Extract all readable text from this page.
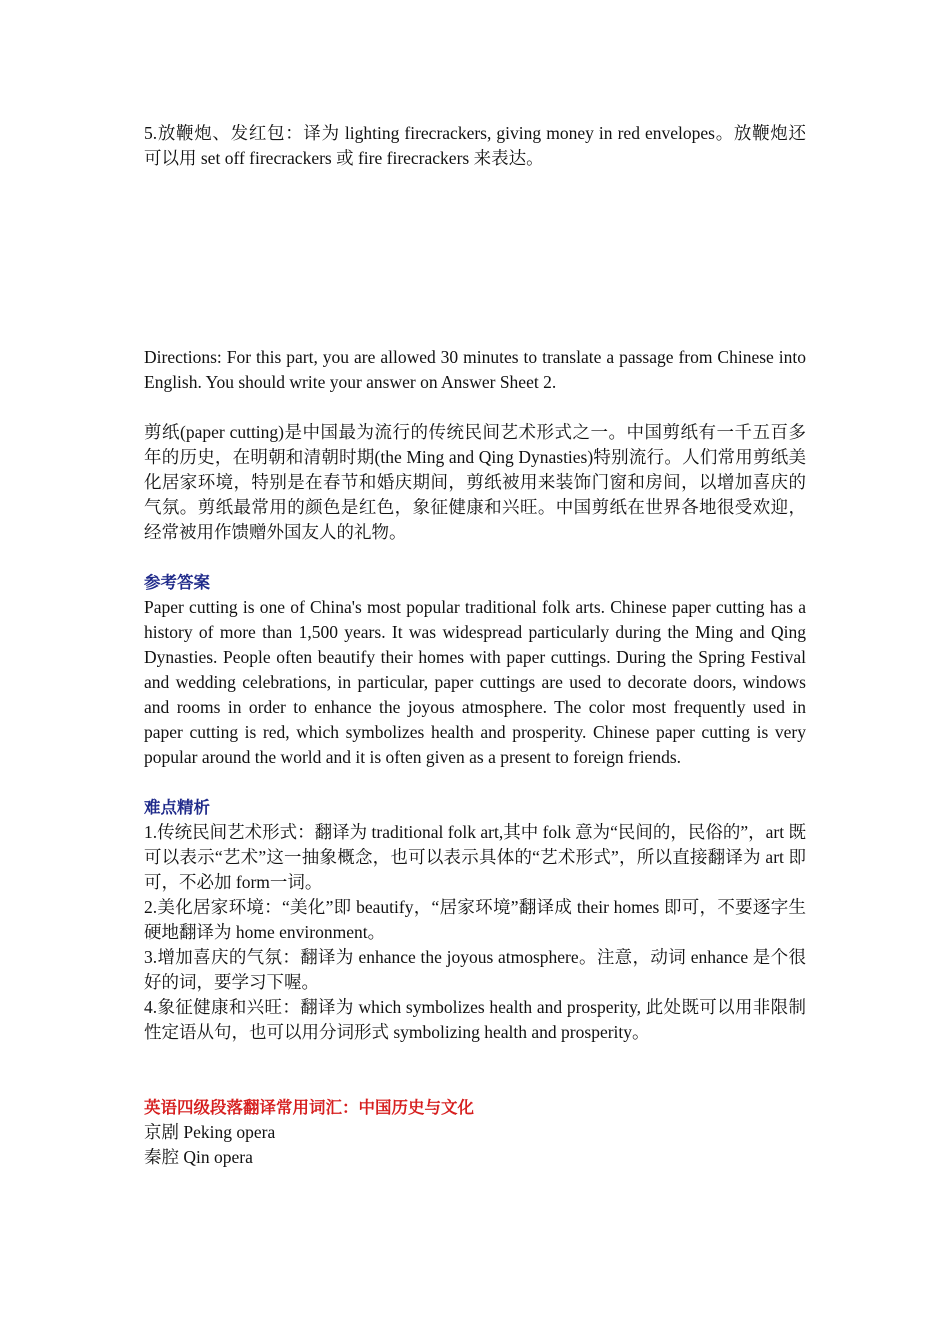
5.放鞭炮、发红包：译为 lighting firecrackers, giving money in red envelopes。放鞭炮还可以用 set off firecrackers 或 fire firecrackers 来表达。

Directions: For this part, you are allowed 30 minutes to translate a passage from Chinese into English. You should write your answer on Answer Sheet 2.

剪纸(paper cutting)是中国最为流行的传统民间艺术形式之一。中国剪纸有一千五百多年的历史，在明朝和清朝时期(the Ming and Qing Dynasties)特别流行。人们常用剪纸美化居家环境，特别是在春节和婚庆期间，剪纸被用来装饰门窗和房间，以增加喜庆的气氛。剪纸最常用的颜色是红色，象征健康和兴旺。中国剪纸在世界各地很受欢迎，经常被用作馈赠外国友人的礼物。

参考答案

Paper cutting is one of China's most popular traditional folk arts. Chinese paper cutting has a history of more than 1,500 years. It was widespread particularly during the Ming and Qing Dynasties. People often beautify their homes with paper cuttings. During the Spring Festival and wedding celebrations, in particular, paper cuttings are used to decorate doors, windows and rooms in order to enhance the joyous atmosphere. The color most frequently used in paper cutting is red, which symbolizes health and prosperity. Chinese paper cutting is very popular around the world and it is often given as a present to foreign friends.

难点精析

1.传统民间艺术形式：翻译为 traditional folk art,其中 folk 意为“民间的，民俗的”，art 既可以表示“艺术”这一抽象概念，也可以表示具体的“艺术形式”，所以直接翻译为 art 即可，不必加 form一词。

2.美化居家环境：“美化”即 beautify，“居家环境”翻译成 their homes 即可，不要逐字生硬地翻译为 home environment。

3.增加喜庆的气氛：翻译为 enhance the joyous atmosphere。注意，动词 enhance 是个很好的词，要学习下喔。

4.象征健康和兴旺：翻译为 which symbolizes health and prosperity, 此处既可以用非限制性定语从句，也可以用分词形式 symbolizing health and prosperity。

英语四级段落翻译常用词汇：中国历史与文化

京剧 Peking opera

秦腔 Qin opera
